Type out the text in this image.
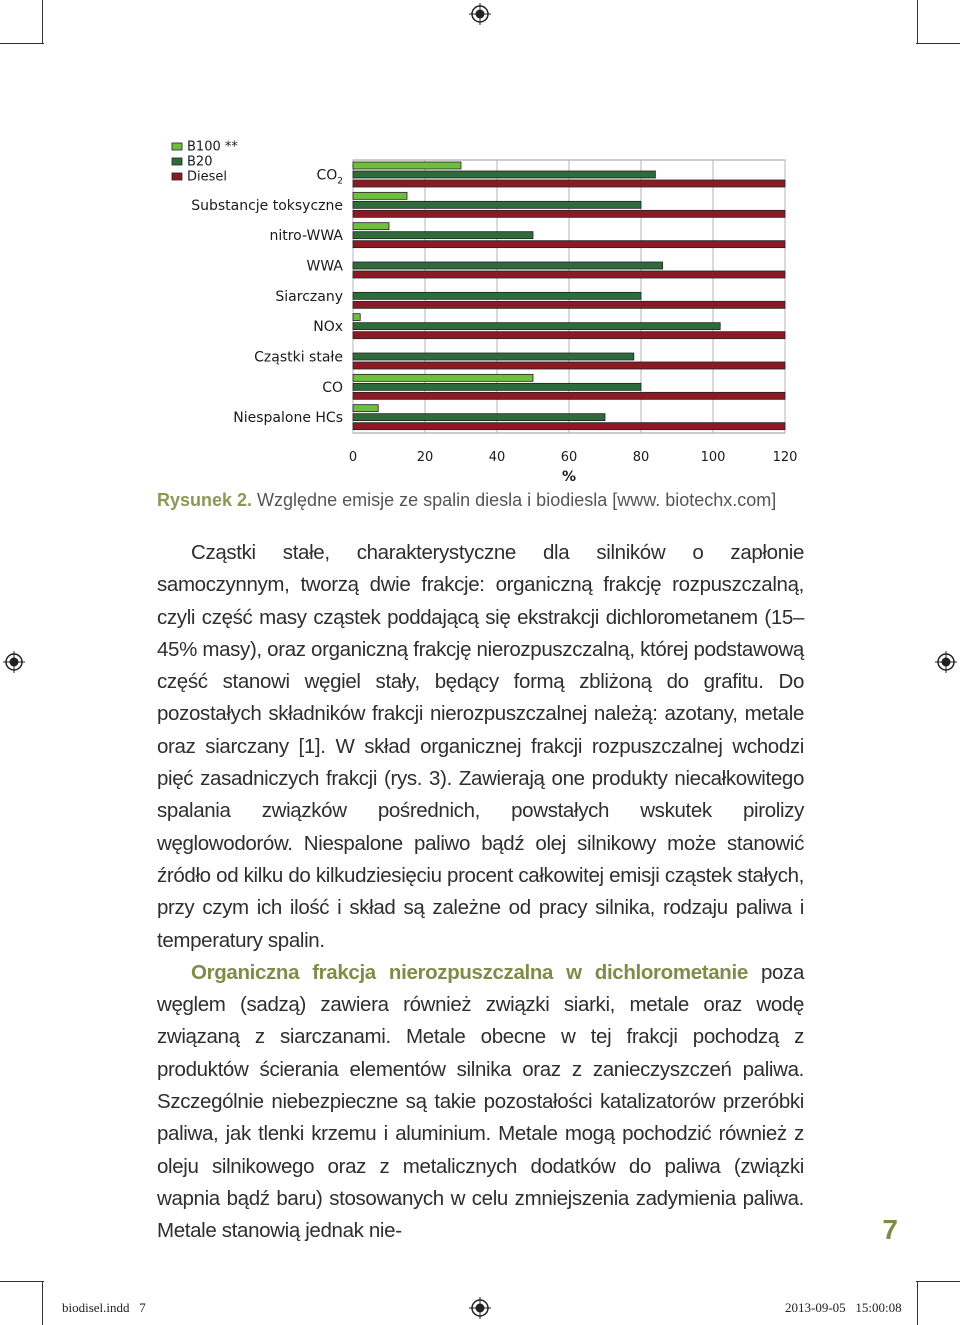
0	20	40	60	80	100	120
%
$CO_2$
Substancje toksyczne
nitro-WWA
WWA
Siarczany
NOx
Cząstki stałe
CO
Niespalone HCs
B100 **
B20
Diesel
Rysunek 2. Względne emisje ze spalin diesla i biodiesla [www. biotechx.com]

Cząstki stałe, charakterystyczne dla silników o zapłonie samoczynnym, tworzą dwie frakcje: organiczną frakcję rozpuszczalną, czyli część masy cząstek poddającą się ekstrakcji dichlorometanem (15–45% masy), oraz organiczną frakcję nierozpuszczalną, której podstawową część stanowi węgiel stały, będący formą zbliżoną do grafitu. Do pozostałych składników frakcji nierozpuszczalnej należą: azotany, metale oraz siarczany [1]. W skład organicznej frakcji rozpuszczalnej wchodzi pięć zasadniczych frakcji (rys. 3). Zawierają one produkty niecałkowitego spalania związków pośrednich, powstałych wskutek pirolizy węglowodorów. Niespalone paliwo bądź olej silnikowy może stanowić źródło od kilku do kilkudziesięciu procent całkowitej emisji cząstek stałych, przy czym ich ilość i skład są zależne od pracy silnika, rodzaju paliwa i temperatury spalin.

Organiczna frakcja nierozpuszczalna w dichlorometanie poza węglem (sadzą) zawiera również związki siarki, metale oraz wodę związaną z siarczanami. Metale obecne w tej frakcji pochodzą z produktów ścierania elementów silnika oraz z zanieczyszczeń paliwa. Szczególnie niebezpieczne są takie pozostałości katalizatorów przeróbki paliwa, jak tlenki krzemu i aluminium. Metale mogą pochodzić również z oleju silnikowego oraz z metalicznych dodatków do paliwa (związki wapnia bądź baru) stosowanych w celu zmniejszenia zadymienia paliwa. Metale stanowią jednak nie-	7
biodisel.indd   7	2013-09-05   15:00:08
